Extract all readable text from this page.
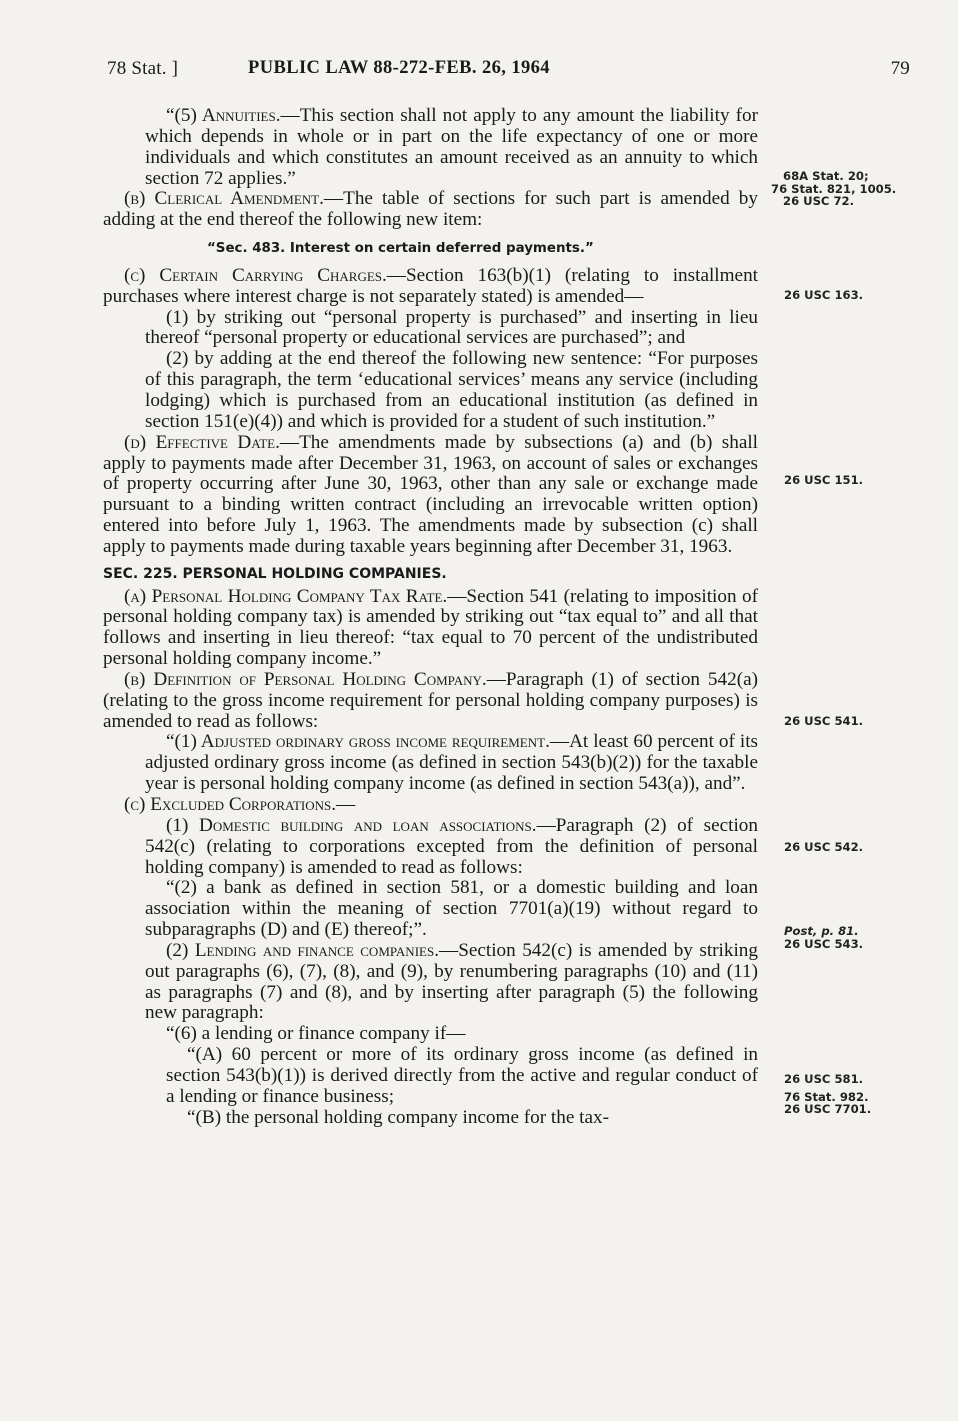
78 Stat. ]	PUBLIC LAW 88-272-FEB. 26, 1964	79

“(5) Annuities.—This section shall not apply to any amount the liability for which depends in whole or in part on the life expectancy of one or more individuals and which constitutes an amount received as an annuity to which section 72 applies.”

(b) Clerical Amendment.—The table of sections for such part is amended by adding at the end thereof the following new item:

“Sec. 483. Interest on certain deferred payments.”

(c) Certain Carrying Charges.—Section 163(b)(1) (relating to installment purchases where interest charge is not separately stated) is amended—

(1) by striking out “personal property is purchased” and inserting in lieu thereof “personal property or educational services are purchased”; and

(2) by adding at the end thereof the following new sentence: “For purposes of this paragraph, the term ‘educational services’ means any service (including lodging) which is purchased from an educational institution (as defined in section 151(e)(4)) and which is provided for a student of such institution.”

(d) Effective Date.—The amendments made by subsections (a) and (b) shall apply to payments made after December 31, 1963, on account of sales or exchanges of property occurring after June 30, 1963, other than any sale or exchange made pursuant to a binding written contract (including an irrevocable written option) entered into before July 1, 1963. The amendments made by subsection (c) shall apply to payments made during taxable years beginning after December 31, 1963.

SEC. 225. PERSONAL HOLDING COMPANIES.

(a) Personal Holding Company Tax Rate.—Section 541 (relating to imposition of personal holding company tax) is amended by striking out “tax equal to” and all that follows and inserting in lieu thereof: “tax equal to 70 percent of the undistributed personal holding company income.”

(b) Definition of Personal Holding Company.—Paragraph (1) of section 542(a) (relating to the gross income requirement for personal holding company purposes) is amended to read as follows:

“(1) Adjusted ordinary gross income requirement.—At least 60 percent of its adjusted ordinary gross income (as defined in section 543(b)(2)) for the taxable year is personal holding company income (as defined in section 543(a)), and”.

(c) Excluded Corporations.—

(1) Domestic building and loan associations.—Paragraph (2) of section 542(c) (relating to corporations excepted from the definition of personal holding company) is amended to read as follows:

“(2) a bank as defined in section 581, or a domestic building and loan association within the meaning of section 7701(a)(19) without regard to subparagraphs (D) and (E) thereof;”.

(2) Lending and finance companies.—Section 542(c) is amended by striking out paragraphs (6), (7), (8), and (9), by renumbering paragraphs (10) and (11) as paragraphs (7) and (8), and by inserting after paragraph (5) the following new paragraph:

“(6) a lending or finance company if—

“(A) 60 percent or more of its ordinary gross income (as defined in section 543(b)(1)) is derived directly from the active and regular conduct of a lending or finance business;

“(B) the personal holding company income for the tax-

68A Stat. 20;
76 Stat. 821, 1005.
26 USC 72.
26 USC 163.
26 USC 151.
26 USC 541.
26 USC 542.
Post, p. 81.
26 USC 543.
26 USC 581.
76 Stat. 982.
26 USC 7701.
